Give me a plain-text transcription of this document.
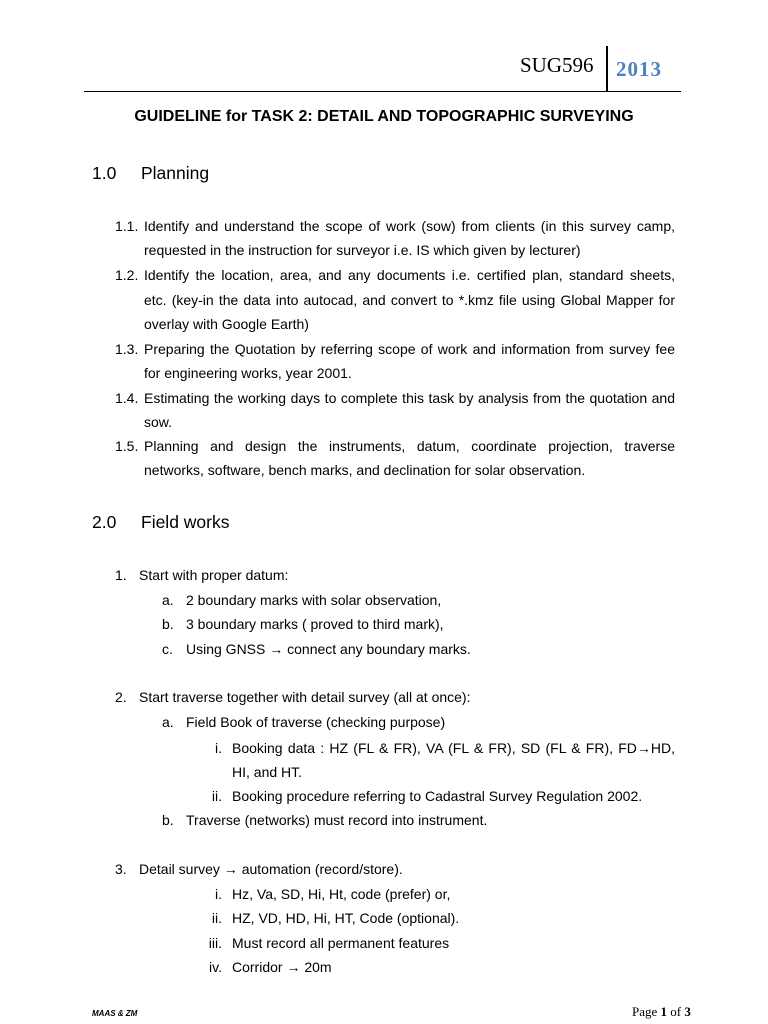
SUG596 2013
GUIDELINE for TASK 2: DETAIL AND TOPOGRAPHIC SURVEYING
1.0 Planning
1.1. Identify and understand the scope of work (sow) from clients (in this survey camp,
requested in the instruction for surveyor i.e. IS which given by lecturer)
1.2. Identify the location, area, and any documents i.e. certified plan, standard sheets,
etc. (key-in the data into autocad, and convert to *.kmz file using Global Mapper for
overlay with Google Earth)
1.3. Preparing the Quotation by referring scope of work and information from survey fee
for engineering works, year 2001.
1.4. Estimating the working days to complete this task by analysis from the quotation and
sow.
1.5. Planning and design the instruments, datum, coordinate projection, traverse
networks, software, bench marks, and declination for solar observation.
2.0 Field works
1. Start with proper datum:
a. 2 boundary marks with solar observation,
b. 3 boundary marks ( proved to third mark),
c. Using GNSS → connect any boundary marks.
2. Start traverse together with detail survey (all at once):
a. Field Book of traverse (checking purpose)
i. Booking data : HZ (FL & FR), VA (FL & FR), SD (FL & FR), FD→HD,
HI, and HT.
ii. Booking procedure referring to Cadastral Survey Regulation 2002.
b. Traverse (networks) must record into instrument.
3. Detail survey → automation (record/store).
i. Hz, Va, SD, Hi, Ht, code (prefer) or,
ii. HZ, VD, HD, Hi, HT, Code (optional).
iii. Must record all permanent features
iv. Corridor → 20m
MAAS & ZM	Page 1 of 3
